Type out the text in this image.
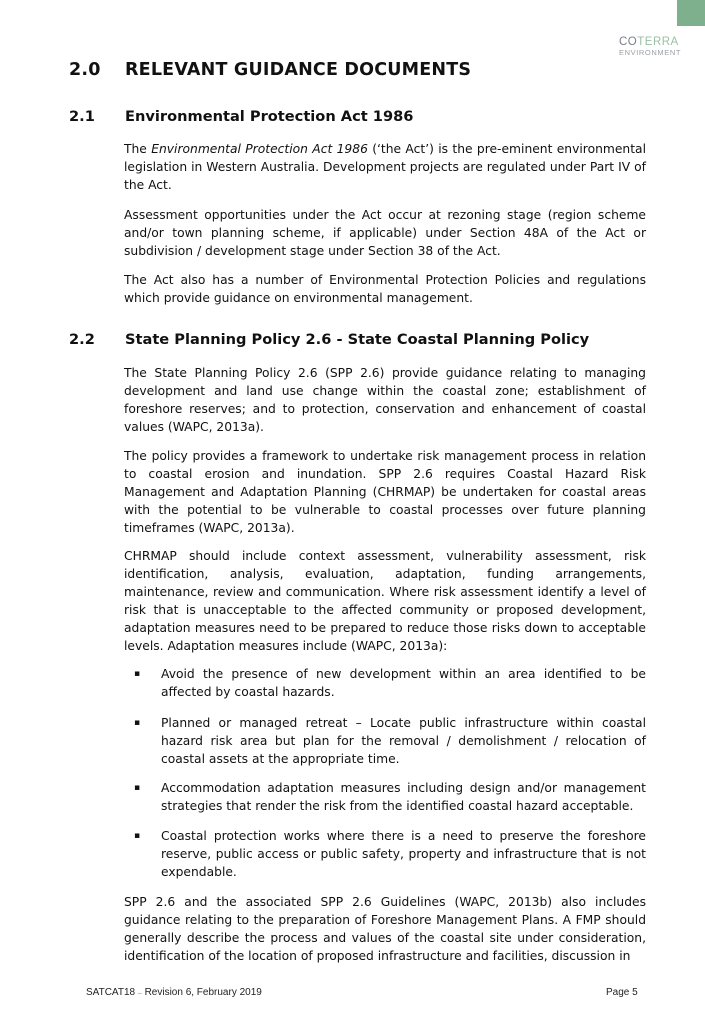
COTERRA
ENVIRONMENT
2.0 RELEVANT GUIDANCE DOCUMENTS
2.1 Environmental Protection Act 1986
The Environmental Protection Act 1986 (‘the Act’) is the pre-eminent environmental legislation in Western Australia. Development projects are regulated under Part IV of the Act.
Assessment opportunities under the Act occur at rezoning stage (region scheme and/or town planning scheme, if applicable) under Section 48A of the Act or subdivision / development stage under Section 38 of the Act.
The Act also has a number of Environmental Protection Policies and regulations which provide guidance on environmental management.
2.2 State Planning Policy 2.6 - State Coastal Planning Policy
The State Planning Policy 2.6 (SPP 2.6) provide guidance relating to managing development and land use change within the coastal zone; establishment of foreshore reserves; and to protection, conservation and enhancement of coastal values (WAPC, 2013a).
The policy provides a framework to undertake risk management process in relation to coastal erosion and inundation. SPP 2.6 requires Coastal Hazard Risk Management and Adaptation Planning (CHRMAP) be undertaken for coastal areas with the potential to be vulnerable to coastal processes over future planning timeframes (WAPC, 2013a).
CHRMAP should include context assessment, vulnerability assessment, risk identification, analysis, evaluation, adaptation, funding arrangements, maintenance, review and communication. Where risk assessment identify a level of risk that is unacceptable to the affected community or proposed development, adaptation measures need to be prepared to reduce those risks down to acceptable levels. Adaptation measures include (WAPC, 2013a):
▪ Avoid the presence of new development within an area identified to be affected by coastal hazards.
▪ Planned or managed retreat – Locate public infrastructure within coastal hazard risk area but plan for the removal / demolishment / relocation of coastal assets at the appropriate time.
▪ Accommodation adaptation measures including design and/or management strategies that render the risk from the identified coastal hazard acceptable.
▪ Coastal protection works where there is a need to preserve the foreshore reserve, public access or public safety, property and infrastructure that is not expendable.
SPP 2.6 and the associated SPP 2.6 Guidelines (WAPC, 2013b) also includes guidance relating to the preparation of Foreshore Management Plans. A FMP should generally describe the process and values of the coastal site under consideration, identification of the location of proposed infrastructure and facilities, discussion in
SATCAT18 – Revision 6, February 2019	Page 5
